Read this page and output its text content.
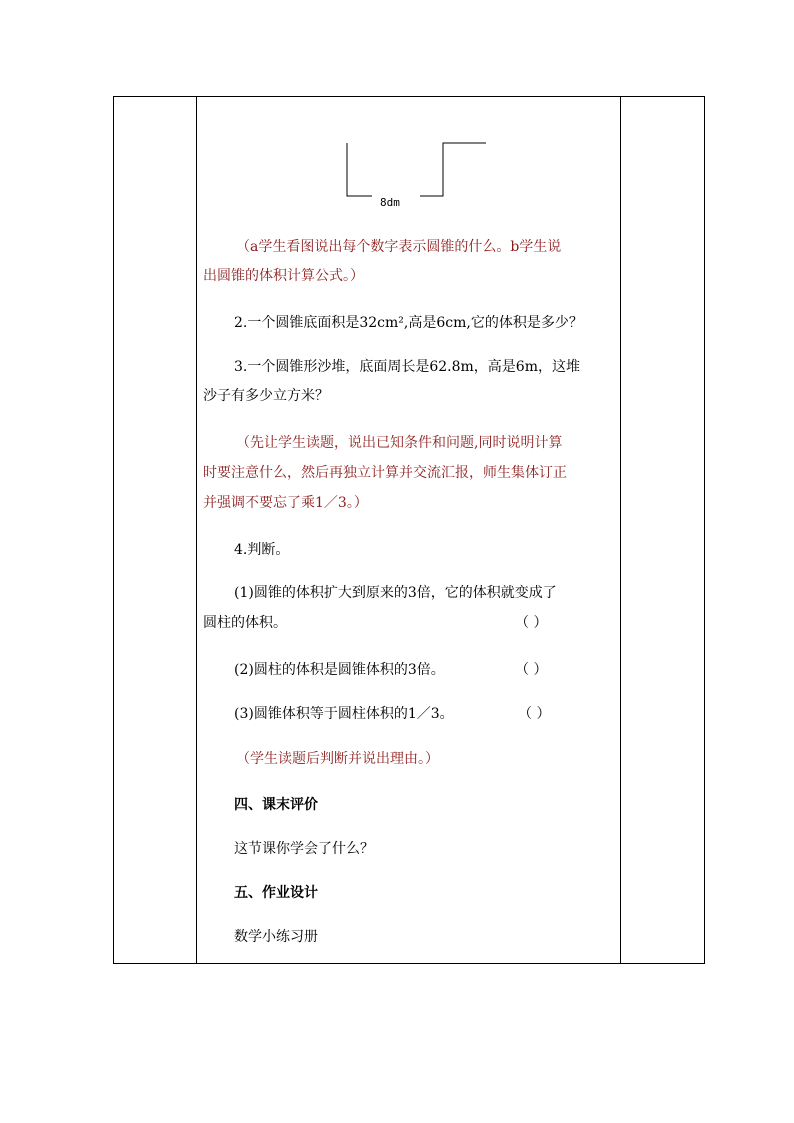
8dm
（a学生看图说出每个数字表示圆锥的什么。b学生说
出圆锥的体积计算公式。）
2.一个圆锥底面积是32cm²,高是6cm,它的体积是多少？
3.一个圆锥形沙堆，底面周长是62.8m，高是6m，这堆
沙子有多少立方米？
（先让学生读题，说出已知条件和问题,同时说明计算
时要注意什么，然后再独立计算并交流汇报，师生集体订正
并强调不要忘了乘1／3。）
4.判断。
(1)圆锥的体积扩大到原来的3倍，它的体积就变成了
圆柱的体积。	（ ）
(2)圆柱的体积是圆锥体积的3倍。	（ ）
(3)圆锥体积等于圆柱体积的1／3。	（ ）
（学生读题后判断并说出理由。）
四、课末评价
这节课你学会了什么？
五、作业设计
数学小练习册
